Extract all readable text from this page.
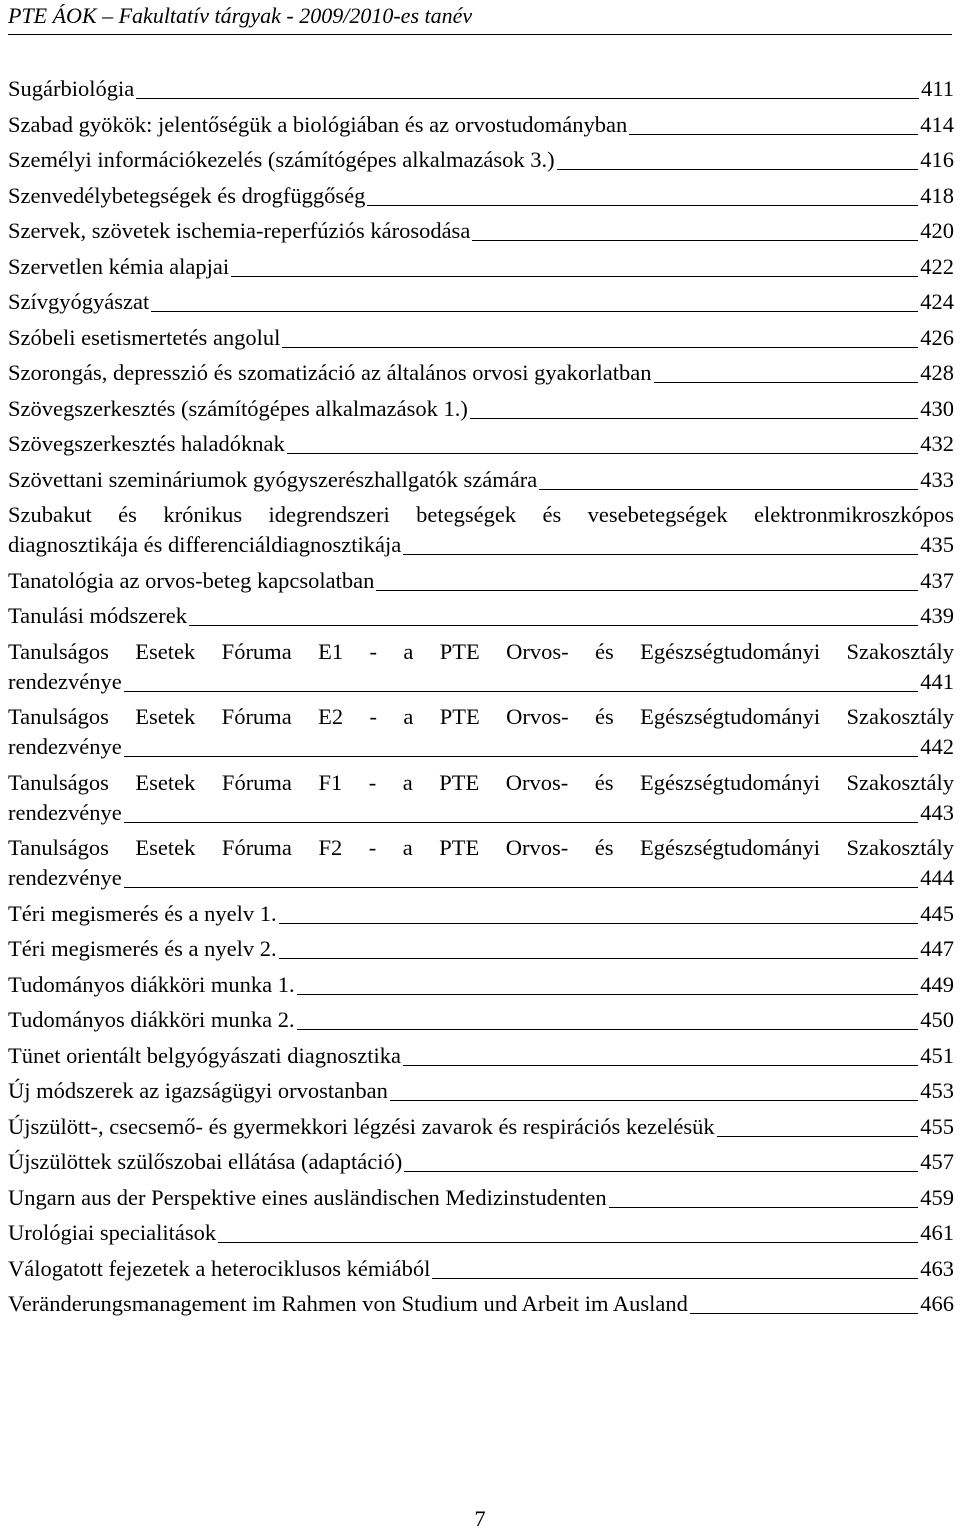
PTE ÁOK – Fakultatív tárgyak - 2009/2010-es tanév
Sugárbiológia	411
Szabad gyökök: jelentőségük a biológiában és az orvostudományban	414
Személyi információkezelés (számítógépes alkalmazások 3.)	416
Szenvedélybetegségek és drogfüggőség	418
Szervek, szövetek ischemia-reperfúziós károsodása	420
Szervetlen kémia alapjai	422
Szívgyógyászat	424
Szóbeli esetismertetés angolul	426
Szorongás, depresszió és szomatizáció az általános orvosi gyakorlatban	428
Szövegszerkesztés (számítógépes alkalmazások 1.)	430
Szövegszerkesztés haladóknak	432
Szövettani szemináriumok gyógyszerészhallgatók számára	433
Szubakut és krónikus idegrendszeri betegségek és vesebetegségek elektronmikroszkópos
diagnosztikája és differenciáldiagnosztikája	435
Tanatológia az orvos-beteg kapcsolatban	437
Tanulási módszerek	439
Tanulságos Esetek Fóruma E1 - a PTE Orvos- és Egészségtudományi Szakosztály
rendezvénye	441
Tanulságos Esetek Fóruma E2 - a PTE Orvos- és Egészségtudományi Szakosztály
rendezvénye	442
Tanulságos Esetek Fóruma F1 - a PTE Orvos- és Egészségtudományi Szakosztály
rendezvénye	443
Tanulságos Esetek Fóruma F2 - a PTE Orvos- és Egészségtudományi Szakosztály
rendezvénye	444
Téri megismerés és a nyelv 1.	445
Téri megismerés és a nyelv 2.	447
Tudományos diákköri munka 1.	449
Tudományos diákköri munka 2.	450
Tünet orientált belgyógyászati diagnosztika	451
Új módszerek az igazságügyi orvostanban	453
Újszülött-, csecsemő- és gyermekkori légzési zavarok és respirációs kezelésük	455
Újszülöttek szülőszobai ellátása (adaptáció)	457
Ungarn aus der Perspektive eines ausländischen Medizinstudenten	459
Urológiai specialitások	461
Válogatott fejezetek a heterociklusos kémiából	463
Veränderungsmanagement im Rahmen von Studium und Arbeit im Ausland	466
7
